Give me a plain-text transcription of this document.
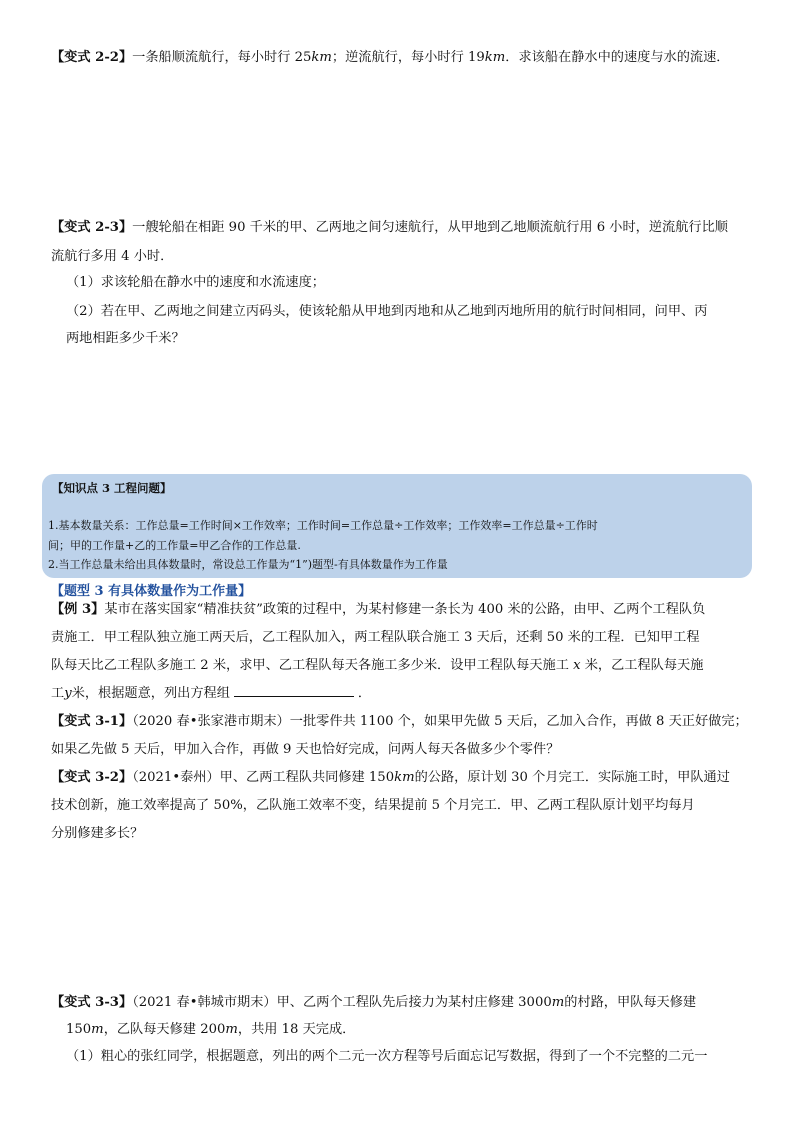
【变式 2-2】一条船顺流航行，每小时行 25km；逆流航行，每小时行 19km．求该船在静水中的速度与水的流速．
【变式 2-3】一艘轮船在相距 90 千米的甲、乙两地之间匀速航行，从甲地到乙地顺流航行用 6 小时，逆流航行比顺
流航行多用 4 小时．
（1）求该轮船在静水中的速度和水流速度；
（2）若在甲、乙两地之间建立丙码头，使该轮船从甲地到丙地和从乙地到丙地所用的航行时间相同，问甲、丙
两地相距多少千米？
【知识点 3 工程问题】
1.基本数量关系：工作总量=工作时间×工作效率；工作时间=工作总量÷工作效率；工作效率=工作总量÷工作时
间；甲的工作量+乙的工作量=甲乙合作的工作总量.
2.当工作总量未给出具体数量时，常设总工作量为“1”)题型-有具体数量作为工作量
【题型 3 有具体数量作为工作量】
【例 3】某市在落实国家“精准扶贫”政策的过程中，为某村修建一条长为 400 米的公路，由甲、乙两个工程队负
责施工．甲工程队独立施工两天后，乙工程队加入，两工程队联合施工 3 天后，还剩 50 米的工程．已知甲工程
队每天比乙工程队多施工 2 米，求甲、乙工程队每天各施工多少米．设甲工程队每天施工 x 米，乙工程队每天施
工y米，根据题意，列出方程组	．
【变式 3-1】（2020 春•张家港市期末）一批零件共 1100 个，如果甲先做 5 天后，乙加入合作，再做 8 天正好做完；
如果乙先做 5 天后，甲加入合作，再做 9 天也恰好完成，问两人每天各做多少个零件？
【变式 3-2】（2021•泰州）甲、乙两工程队共同修建 150km的公路，原计划 30 个月完工．实际施工时，甲队通过
技术创新，施工效率提高了 50%，乙队施工效率不变，结果提前 5 个月完工．甲、乙两工程队原计划平均每月
分别修建多长？
【变式 3-3】（2021 春•韩城市期末）甲、乙两个工程队先后接力为某村庄修建 3000m的村路，甲队每天修建
150m，乙队每天修建 200m，共用 18 天完成．
（1）粗心的张红同学，根据题意，列出的两个二元一次方程等号后面忘记写数据，得到了一个不完整的二元一
